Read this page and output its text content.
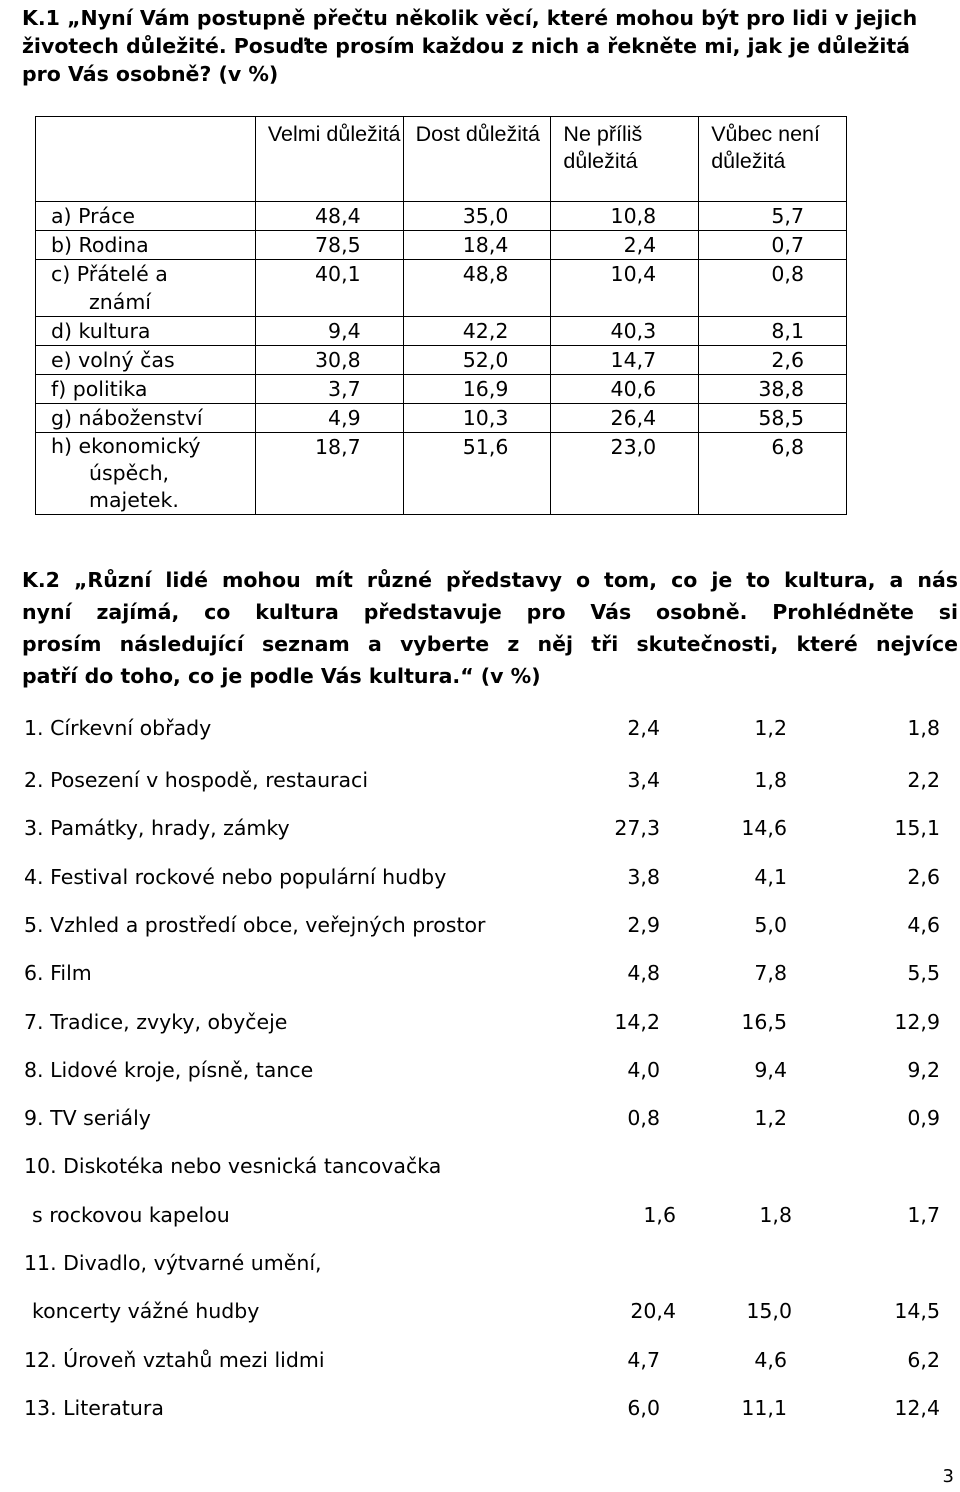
K.1 „Nyní Vám postupně přečtu několik věcí, které mohou být pro lidi v jejich životech důležité. Posuďte prosím každou z nich a řekněte mi, jak je důležitá pro Vás osobně? (v %)

	Velmi důležitá	Dost důležitá	Ne příliš důležitá	Vůbec není důležitá

a) Práce	48,4	35,0	10,8	5,7

b) Rodina	78,5	18,4	2,4	0,7

c) Přátelé a
známí	40,1	48,8	10,4	0,8

d) kultura	9,4	42,2	40,3	8,1

e) volný čas	30,8	52,0	14,7	2,6

f) politika	3,7	16,9	40,6	38,8

g) náboženství	4,9	10,3	26,4	58,5

h) ekonomický
úspěch,
majetek.	18,7	51,6	23,0	6,8
K.2 „Různí lidé mohou mít různé představy o tom, co je to kultura, a nás
nyní zajímá, co kultura představuje pro Vás osobně. Prohlédněte si
prosím následující seznam a vyberte z něj tři skutečnosti, které nejvíce
patří do toho, co je podle Vás kultura.“ (v %)
1. Církevní obřady	2,4	1,2	1,8
2. Posezení v hospodě, restauraci	3,4	1,8	2,2
3. Památky, hrady, zámky	27,3	14,6	15,1
4. Festival rockové nebo populární hudby	3,8	4,1	2,6
5. Vzhled a prostředí obce, veřejných prostor	2,9	5,0	4,6
6. Film	4,8	7,8	5,5
7. Tradice, zvyky, obyčeje	14,2	16,5	12,9
8. Lidové kroje, písně, tance	4,0	9,4	9,2
9. TV seriály	0,8	1,2	0,9
10. Diskotéka nebo vesnická tancovačka
s rockovou kapelou	1,6	1,8	1,7
11. Divadlo, výtvarné umění,
koncerty vážné hudby	20,4	15,0	14,5
12. Úroveň vztahů mezi lidmi	4,7	4,6	6,2
13. Literatura	6,0	11,1	12,4
3
